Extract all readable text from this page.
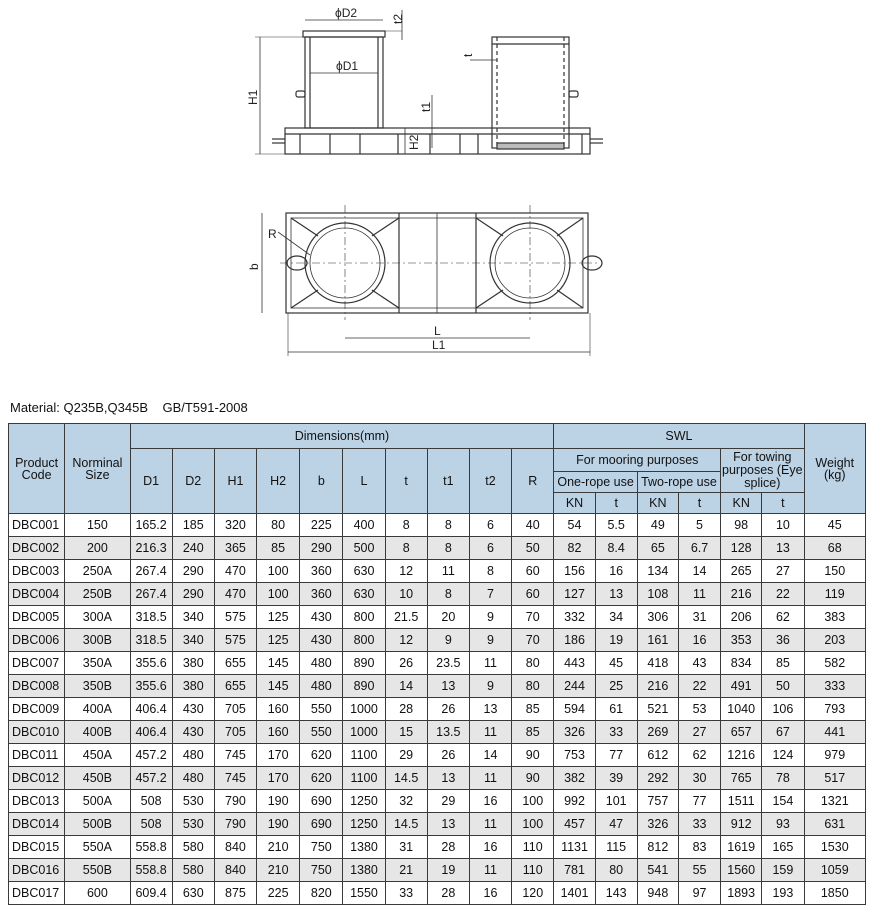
ϕD2
ϕD1
t2
t
H1
t1
H2
R
b
L
L1
Material: Q235B,Q345B    GB/T591-2008
Product Code	Norminal Size	Dimensions(mm)										SWL						Weight (kg)
		D1	D2	H1	H2	b	L	t	t1	t2	R	For mooring purposes				For towing purposes (Eye splice)		
												One-rope use		Two-rope use				
												KN	t	KN	t	KN	t	
DBC001	150	165.2	185	320	80	225	400	8	8	6	40	54	5.5	49	5	98	10	45
DBC002	200	216.3	240	365	85	290	500	8	8	6	50	82	8.4	65	6.7	128	13	68
DBC003	250A	267.4	290	470	100	360	630	12	11	8	60	156	16	134	14	265	27	150
DBC004	250B	267.4	290	470	100	360	630	10	8	7	60	127	13	108	11	216	22	119
DBC005	300A	318.5	340	575	125	430	800	21.5	20	9	70	332	34	306	31	206	62	383
DBC006	300B	318.5	340	575	125	430	800	12	9	9	70	186	19	161	16	353	36	203
DBC007	350A	355.6	380	655	145	480	890	26	23.5	11	80	443	45	418	43	834	85	582
DBC008	350B	355.6	380	655	145	480	890	14	13	9	80	244	25	216	22	491	50	333
DBC009	400A	406.4	430	705	160	550	1000	28	26	13	85	594	61	521	53	1040	106	793
DBC010	400B	406.4	430	705	160	550	1000	15	13.5	11	85	326	33	269	27	657	67	441
DBC011	450A	457.2	480	745	170	620	1100	29	26	14	90	753	77	612	62	1216	124	979
DBC012	450B	457.2	480	745	170	620	1100	14.5	13	11	90	382	39	292	30	765	78	517
DBC013	500A	508	530	790	190	690	1250	32	29	16	100	992	101	757	77	1511	154	1321
DBC014	500B	508	530	790	190	690	1250	14.5	13	11	100	457	47	326	33	912	93	631
DBC015	550A	558.8	580	840	210	750	1380	31	28	16	110	1131	115	812	83	1619	165	1530
DBC016	550B	558.8	580	840	210	750	1380	21	19	11	110	781	80	541	55	1560	159	1059
DBC017	600	609.4	630	875	225	820	1550	33	28	16	120	1401	143	948	97	1893	193	1850
